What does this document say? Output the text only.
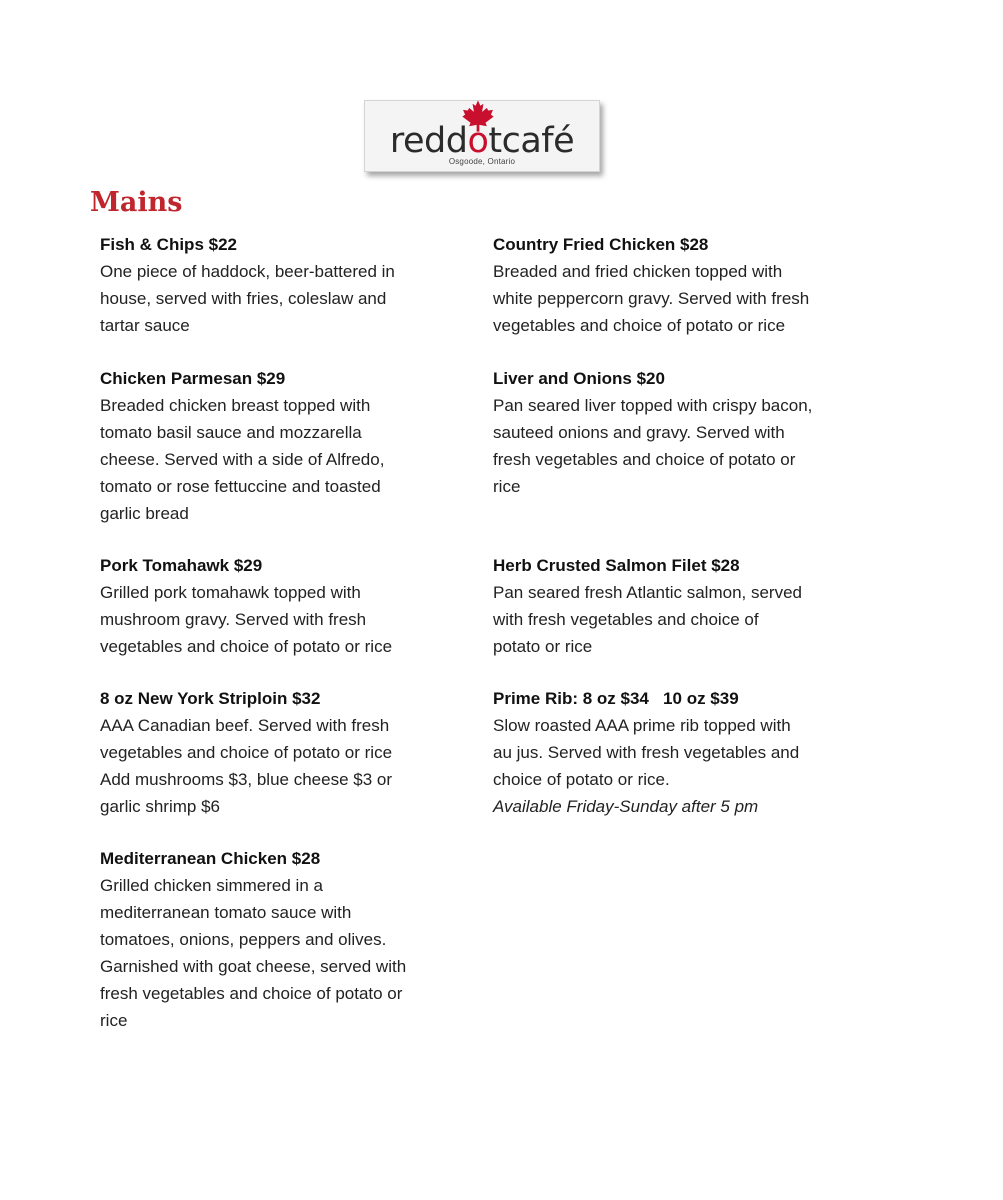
reddotcafé
Osgoode, Ontario
Mains
Fish & Chips $22
One piece of haddock, beer-battered in
house, served with fries, coleslaw and
tartar sauce
Chicken Parmesan $29
Breaded chicken breast topped with
tomato basil sauce and mozzarella
cheese. Served with a side of Alfredo,
tomato or rose fettuccine and toasted
garlic bread
Pork Tomahawk $29
Grilled pork tomahawk topped with
mushroom gravy. Served with fresh
vegetables and choice of potato or rice
8 oz New York Striploin $32
AAA Canadian beef. Served with fresh
vegetables and choice of potato or rice
Add mushrooms $3, blue cheese $3 or
garlic shrimp $6
Mediterranean Chicken $28
Grilled chicken simmered in a
mediterranean tomato sauce with
tomatoes, onions, peppers and olives.
Garnished with goat cheese, served with
fresh vegetables and choice of potato or
rice
Country Fried Chicken $28
Breaded and fried chicken topped with
white peppercorn gravy. Served with fresh
vegetables and choice of potato or rice
Liver and Onions $20
Pan seared liver topped with crispy bacon,
sauteed onions and gravy. Served with
fresh vegetables and choice of potato or
rice
Herb Crusted Salmon Filet $28
Pan seared fresh Atlantic salmon, served
with fresh vegetables and choice of
potato or rice
Prime Rib: 8 oz $34   10 oz $39
Slow roasted AAA prime rib topped with
au jus. Served with fresh vegetables and
choice of potato or rice.
Available Friday-Sunday after 5 pm
